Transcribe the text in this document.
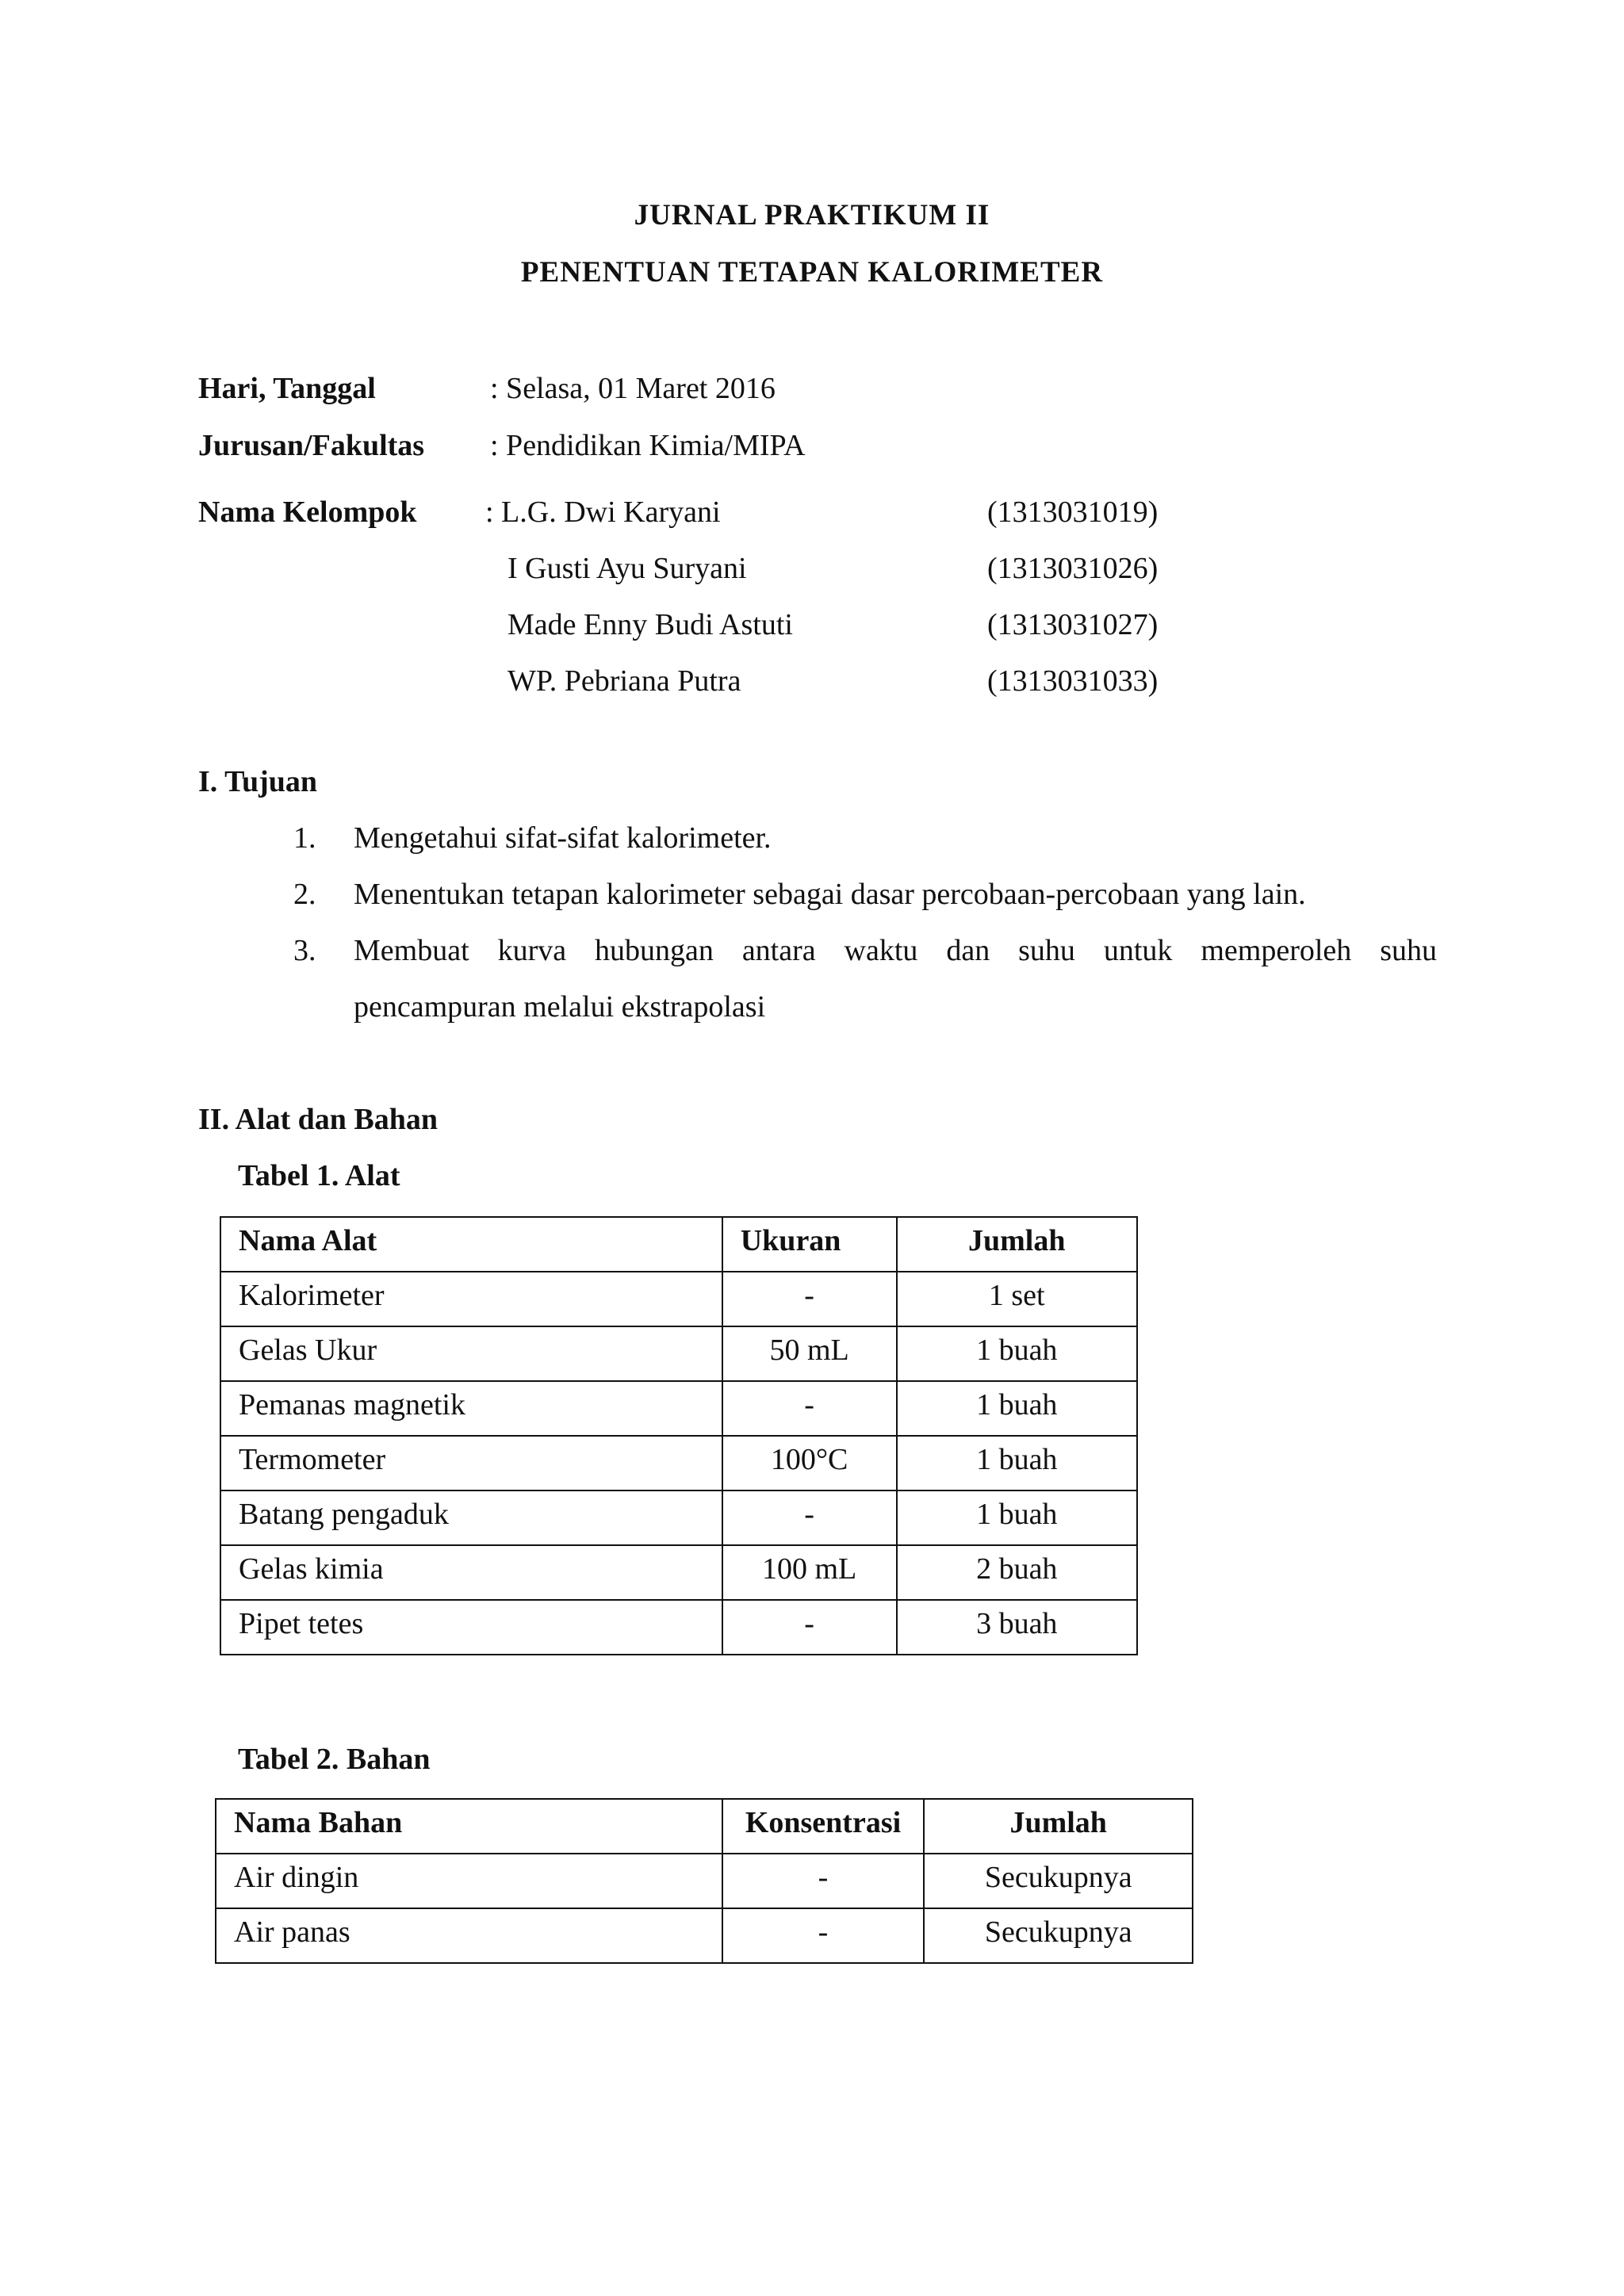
JURNAL PRAKTIKUM II
PENENTUAN TETAPAN KALORIMETER
Hari, Tanggal	: Selasa, 01 Maret 2016
Jurusan/Fakultas : Pendidikan Kimia/MIPA
Nama Kelompok : L.G. Dwi Karyani	(1313031019)
I Gusti Ayu Suryani	(1313031026)
Made Enny Budi Astuti	(1313031027)
WP. Pebriana Putra	(1313031033)
I. Tujuan
1. Mengetahui sifat-sifat kalorimeter.
2. Menentukan tetapan kalorimeter sebagai dasar percobaan-percobaan yang lain.
3. Membuat kurva hubungan antara waktu dan suhu untuk memperoleh suhu
pencampuran melalui ekstrapolasi
II. Alat dan Bahan
Tabel 1. Alat
Nama Alat	Ukuran	Jumlah
Kalorimeter	-	1 set
Gelas Ukur	50 mL	1 buah
Pemanas magnetik	-	1 buah
Termometer	100°C	1 buah
Batang pengaduk	-	1 buah
Gelas kimia	100 mL	2 buah
Pipet tetes	-	3 buah
Tabel 2. Bahan
Nama Bahan	Konsentrasi	Jumlah
Air dingin	-	Secukupnya
Air panas	-	Secukupnya
